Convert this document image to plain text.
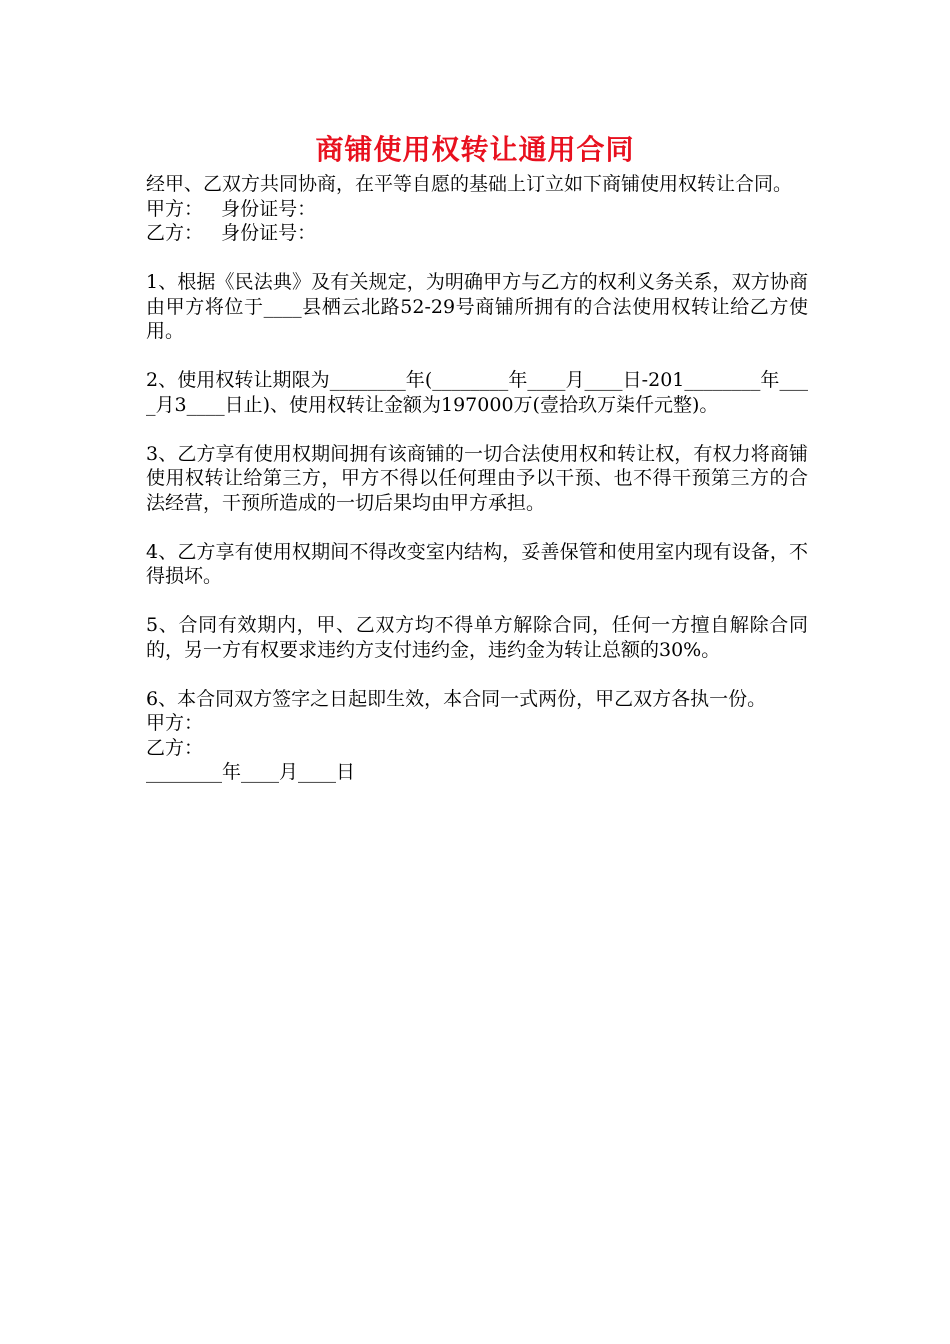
商铺使用权转让通用合同

经甲、乙双方共同协商，在平等自愿的基础上订立如下商铺使用权转让合同。

甲方：   身份证号：

乙方：   身份证号：

1、根据《民法典》及有关规定，为明确甲方与乙方的权利义务关系，双方协商由甲方将位于____县栖云北路52-29号商铺所拥有的合法使用权转让给乙方使用。

2、使用权转让期限为________年(________年____月____日-201________年____月3____日止)、使用权转让金额为197000万(壹拾玖万柒仟元整)。

3、乙方享有使用权期间拥有该商铺的一切合法使用权和转让权，有权力将商铺使用权转让给第三方，甲方不得以任何理由予以干预、也不得干预第三方的合法经营，干预所造成的一切后果均由甲方承担。

4、乙方享有使用权期间不得改变室内结构，妥善保管和使用室内现有设备，不得损坏。

5、合同有效期内，甲、乙双方均不得单方解除合同，任何一方擅自解除合同的，另一方有权要求违约方支付违约金，违约金为转让总额的30%。

6、本合同双方签字之日起即生效，本合同一式两份，甲乙双方各执一份。

甲方：

乙方：

________年____月____日
